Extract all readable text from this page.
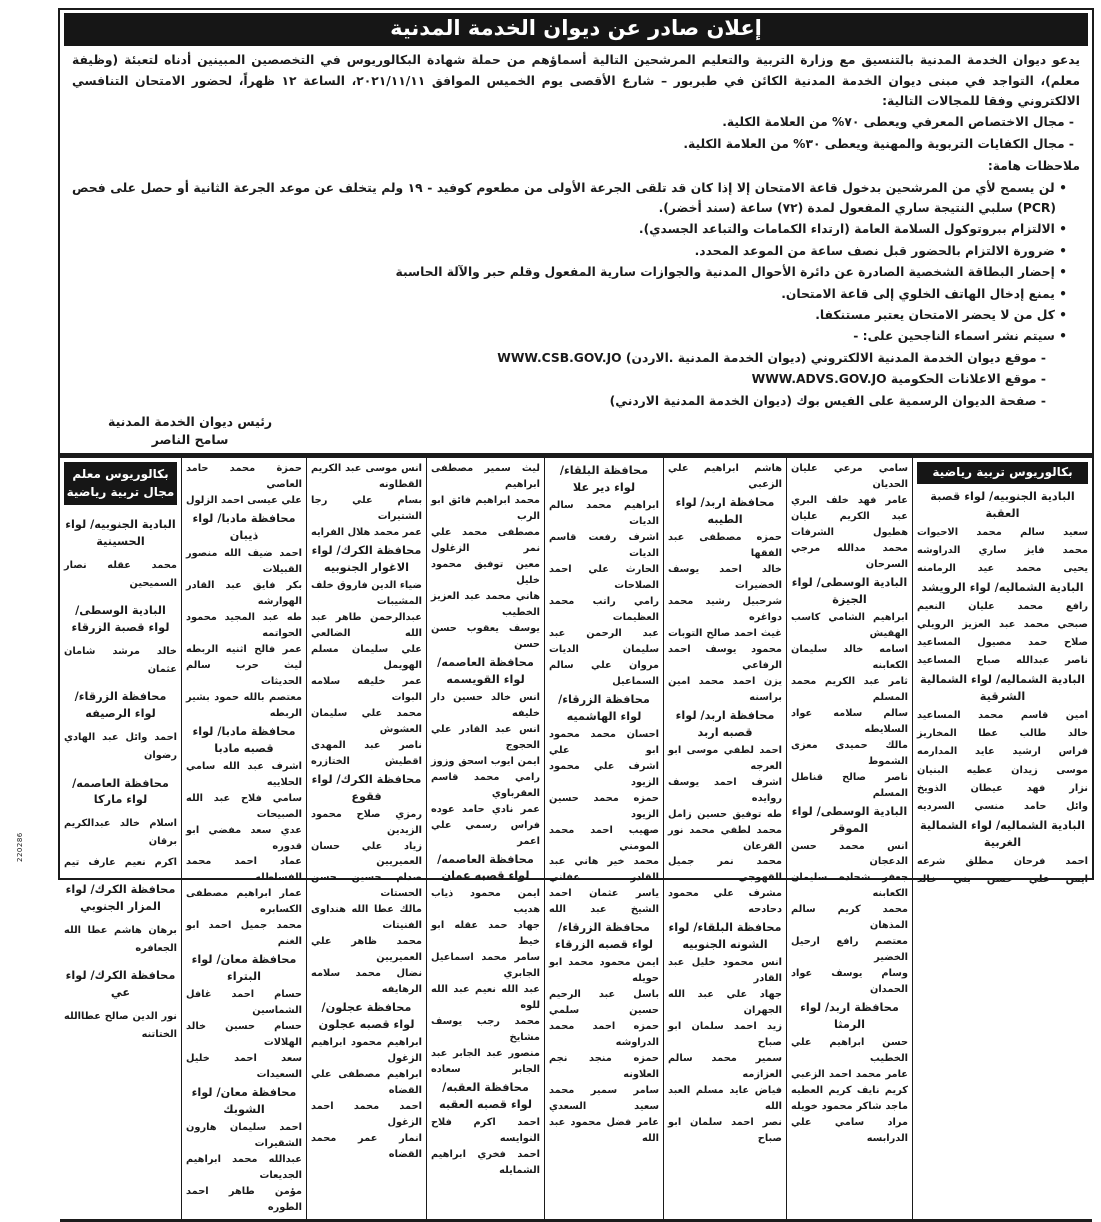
إعلان صادر عن ديوان الخدمة المدنية
يدعو ديوان الخدمة المدنية بالتنسيق مع وزارة التربية والتعليم المرشحين التالية أسماؤهم من حملة شهادة البكالوريوس في التخصصين المبينين أدناه لتعبئة (وظيفة معلم)، التواجد في مبنى ديوان الخدمة المدنية الكائن في طبربور – شارع الأقصى يوم الخميس الموافق ٢٠٢١/١١/١١، الساعة ١٢ ظهراً، لحضور الامتحان التنافسي الالكتروني وفقا للمجالات التالية:
- مجال الاختصاص المعرفي ويعطى ٧٠% من العلامة الكلية.
- مجال الكفايات التربوية والمهنية ويعطى ٣٠% من العلامة الكلية.
ملاحظات هامة:
• لن يسمح لأي من المرشحين بدخول قاعة الامتحان إلا إذا كان قد تلقى الجرعة الأولى من مطعوم كوفيد - ١٩ ولم يتخلف عن موعد الجرعة الثانية أو حصل على فحص (PCR) سلبي النتيجة ساري المفعول لمدة (٧٢) ساعة (سند أخضر).
• الالتزام ببروتوكول السلامة العامة (ارتداء الكمامات والتباعد الجسدي).
• ضرورة الالتزام بالحضور قبل نصف ساعة من الموعد المحدد.
• إحضار البطاقة الشخصية الصادرة عن دائرة الأحوال المدنية والجوازات سارية المفعول وقلم حبر والآلة الحاسبة
• يمنع إدخال الهاتف الخلوي إلى قاعة الامتحان.
• كل من لا يحضر الامتحان يعتبر مستنكفا.
• سيتم نشر اسماء الناجحين على: -
- موقع ديوان الخدمة المدنية الالكتروني (ديوان الخدمة المدنية .الاردن) WWW.CSB.GOV.JO
- موقع الاعلانات الحكومية WWW.ADVS.GOV.JO
- صفحة الديوان الرسمية على الفيس بوك (ديوان الخدمة المدنية الاردني)
رئيس ديوان الخدمة المدنية
سامح الناصر
بكالوريوس تربية رياضية
البادية الجنوبيه/ لواء قصبة العقبة
سعيد سالم محمد الاحيوات
محمد فايز ساري الدراوشه
يحيى محمد عيد الرمامنه
البادية الشماليه/ لواء الرويشد
رافع محمد عليان النعيم
صبحي محمد عبد العزيز الرويلي
صلاح حمد مصيول المساعيد
ناصر عبدالله صباح المساعيد
البادية الشماليه/ لواء الشمالية الشرقية
امين قاسم محمد المساعيد
خالد طالب عطا المخاريز
فراس ارشيد عايد المدارمه
موسى زيدان عطيه البنيان
نزار فهد عيطان الذويخ
وائل حامد منسي السرديه
البادية الشماليه/ لواء الشمالية الغربية
احمد فرحان مطلق شرعه
ايمن علي حسن بني خالد
سامي مرعي عليان الحديان
عامر فهد خلف البري
عبد الكريم عليان هطيول الشرفات
محمد مدالله مرجي السرحان
البادية الوسطى/ لواء الجيزة
ابراهيم الشامي كاسب الهقيش
اسامه خالد سليمان الكعابنه
ثامر عبد الكريم محمد المسلم
سالم سلامه عواد السلايطه
مالك حميدى معزى الشموط
ناصر صالح قناطل المسلم
البادية الوسطى/ لواء الموقر
انس محمد حسن الدعجان
جعفر شحاده سليمان الكعابنه
محمد كريم سالم المذهان
معتصم رافع ارحيل الخضير
وسام يوسف عواد الحمدان
محافظة اربد/ لواء الرمثا
حسن ابراهيم علي الخطيب
عامر محمد احمد الزعبي
كريم نايف كريم العطيه
ماجد شاكر محمود خويله
مراد سامي علي الدرابسه
هاشم ابراهيم علي الزعبي
محافظة اربد/ لواء الطيبه
حمزه مصطفى عبد الفقها
خالد احمد يوسف الخضيرات
شرحبيل رشيد محمد دواغره
غيث احمد صالح التوبات
محمود يوسف احمد الرفاعي
يزن احمد محمد امين براسنه
محافظة اربد/ لواء قصبه اربد
احمد لطفي موسى ابو العرجه
اشرف احمد يوسف روايده
طه توفيق حسين زامل
محمد لطفي محمد نور القرعان
محمد نمر جميل القهوجي
مشرف علي محمود دحادحه
محافظة البلقاء/ لواء الشونه الجنوبيه
انس محمود خليل عبد القادر
جهاد علي عبد الله الجهران
زيد احمد سلمان ابو صباح
سمير محمد سالم العزازمه
فياض عايد مسلم العبد الله
نصر احمد سلمان ابو صباح
محافظة البلقاء/ لواء دير علا
ابراهيم محمد سالم الديات
اشرف رفعت قاسم الديات
الحارث علي احمد الصلاحات
رامي راتب محمد العظيمات
عبد الرحمن عبد سليمان الديات
مروان علي سالم السماعيل
محافظة الزرقاء/ لواء الهاشميه
احسان محمد محمود ابو علي
اشرف علي محمود الزيود
حمزه محمد حسين الزيود
صهيب احمد محمد المومني
محمد خير هاني عبد القادر عفاني
ياسر عثمان احمد الشيخ عبد الله
محافظة الزرقاء/ لواء قصبه الزرقاء
ايمن محمود محمد ابو حويله
باسل عبد الرحيم حسين سلمي
حمزه احمد محمد الدراوشه
حمزه منجد نجم العلاونه
سامر سمير محمد سعيد السعدي
عامر فضل محمود عبد الله
ليث سمير مصطفى ابراهيم
محمد ابراهيم فائق ابو الرب
مصطفى محمد علي نمر الزغلول
معين توفيق محمود خليل
هاني محمد عبد العزيز الخطيب
يوسف يعقوب حسن حسن
محافظة العاصمه/ لواء القويسمه
انس خالد حسين دار خليفه
انس عبد القادر علي الحجوج
ايمن ايوب اسحق وزوز
رامي محمد قاسم العقرباوي
عمر نادي حامد عوده
فراس رسمي علي اعمر
محافظة العاصمه/ لواء قصبه عمان
ايمن محمود ذياب هديب
جهاد حمد عقله ابو خيط
سامر محمد اسماعيل الجابري
عبد الله نعيم عبد الله للوه
محمد رجب يوسف مشايخ
منصور عبد الجابر عبد الجابر سعاده
محافظة العقبه/ لواء قصبه العقبه
احمد اكرم فلاح النوايسه
احمد فخري ابراهيم الشمايله
انس موسى عبد الكريم القطاونه
بسام علي رجا الشتيرات
عمر محمد هلال الفرايه
محافظة الكرك/ لواء الاغوار الجنوبيه
ضياء الدين فاروق خلف المشيبات
عبدالرحمن طاهر عبد الله الضالعي
علي سليمان مسلم الهويمل
عمر خليفه سلامه البوات
محمد علي سليمان العشوش
ناصر عبد المهدى اقطيش الختازره
محافظة الكرك/ لواء فقوع
رمزي صلاح محمود الزيدين
زياد علي حسان العميريين
صدام حسين حسن الحستات
مالك عطا الله هنداوى الفنيتات
محمد ظاهر علي العميريين
نضال محمد سلامه الرهايفه
محافظة عجلون/ لواء قصبه عجلون
ابراهيم محمود ابراهيم الزغول
ابراهيم مصطفى علي القضاه
احمد محمد احمد الزغول
انمار عمر محمد القضاه
حمزة محمد حامد العاصي
علي عيسى احمد الزلول
محافظة مادبا/ لواء ذيبان
احمد ضيف الله منصور القبيلات
بكر فايق عبد القادر الهوارشه
طه عبد المجيد محمود الحواتمه
عمر فالح اثنيه الربطه
ليث حرب سالم الحديثات
معتصم بالله حمود بشير الربطه
محافظة مادبا/ لواء قصبه مادبا
اشرف عبد الله سامي الحلاييه
سامي فلاح عبد الله الصبيحات
عدي سعد مفضي ابو قدوره
عماد احمد محمد الفساطله
عمار ابراهيم مصطفى الكسابره
محمد جميل احمد ابو الغنم
محافظة معان/ لواء البتراء
حسام احمد غافل الشماسين
حسام حسين خالد الهلالات
سعد احمد خليل السعيدات
محافظة معان/ لواء الشوبك
احمد سليمان هارون الشقيرات
عبدالله محمد ابراهيم الجديعات
مؤمن طاهر احمد الطوره
بكالوريوس معلم مجال تربية رياضية
البادية الجنوبيه/ لواء الحسينية
محمد عقله نصار السميحين
البادية الوسطى/ لواء قصبة الزرقاء
خالد مرشد شامان عثمان
محافظة الزرقاء/ لواء الرصيفه
احمد وائل عبد الهادي رضوان
محافظة العاصمه/ لواء ماركا
اسلام خالد عبدالكريم برقان
اكرم نعيم عارف تيم
محافظة الكرك/ لواء المزار الجنوبي
برهان هاشم عطا الله الجعافره
محافظة الكرك/ لواء عي
نور الدين صالح عطاالله الختاتنه
220286
